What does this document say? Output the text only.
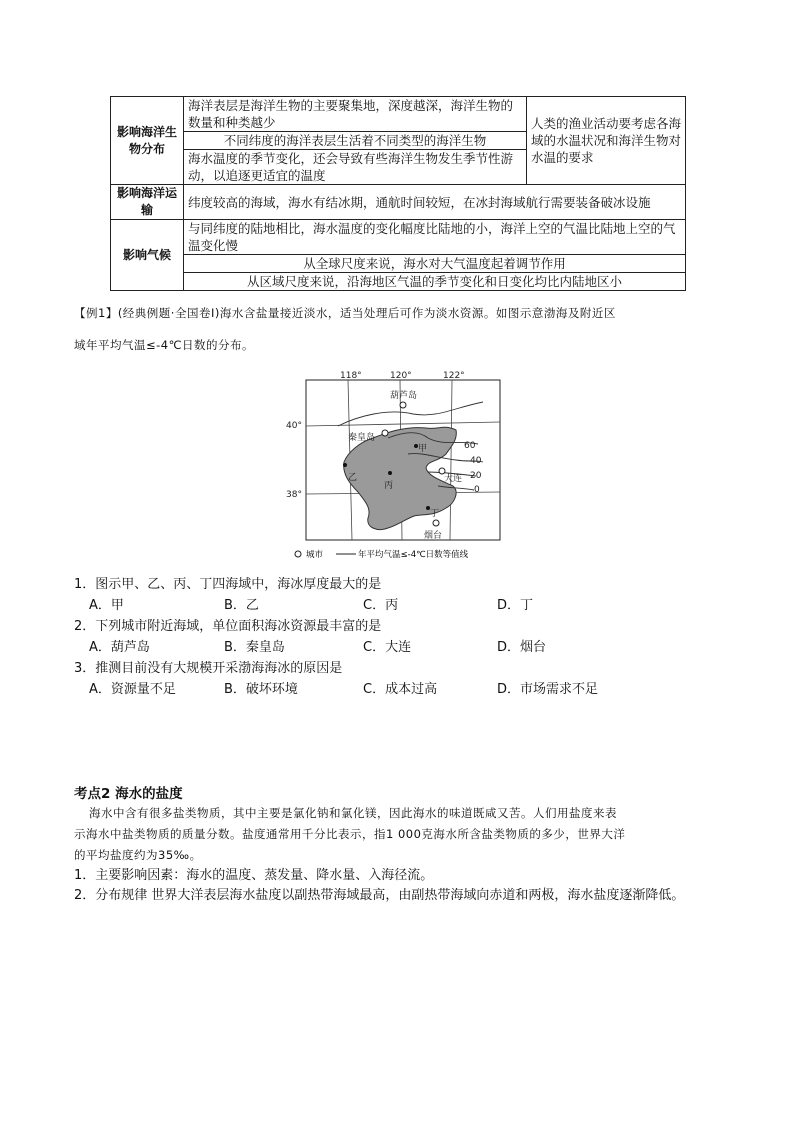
影响海洋生物分布	海洋表层是海洋生物的主要聚集地，深度越深，海洋生物的数量和种类越少	人类的渔业活动要考虑各海域的水温状况和海洋生物对水温的要求
	不同纬度的海洋表层生活着不同类型的海洋生物	
	海水温度的季节变化，还会导致有些海洋生物发生季节性游动，以追逐更适宜的温度	
影响海洋运输	纬度较高的海域，海水有结冰期，通航时间较短，在冰封海域航行需要装备破冰设施	
影响气候	与同纬度的陆地相比，海水温度的变化幅度比陆地的小，海洋上空的气温比陆地上空的气温变化慢	
	从全球尺度来说，海水对大气温度起着调节作用	
	从区域尺度来说，沿海地区气温的季节变化和日变化均比内陆地区小	
【例1】(经典例题·全国卷Ⅰ)海水含盐量接近淡水，适当处理后可作为淡水资源。如图示意渤海及附近区
域年平均气温≤-4℃日数的分布。
118°	120°	122°
40°
38°
葫芦岛
秦皇岛
大连
烟台
甲
乙
丙
丁
60
40
20
0
城市	年平均气温≤-4℃日数等值线
1．图示甲、乙、丙、丁四海域中，海冰厚度最大的是
A．甲	B．乙	C．丙	D．丁
2．下列城市附近海域，单位面积海冰资源最丰富的是
A．葫芦岛	B．秦皇岛	C．大连	D．烟台
3．推测目前没有大规模开采渤海海冰的原因是
A．资源量不足	B．破坏环境	C．成本过高	D．市场需求不足
考点2 海水的盐度
海水中含有很多盐类物质，其中主要是氯化钠和氯化镁，因此海水的味道既咸又苦。人们用盐度来表
示海水中盐类物质的质量分数。盐度通常用千分比表示，指1 000克海水所含盐类物质的多少，世界大洋
的平均盐度约为35‰。
1．主要影响因素：海水的温度、蒸发量、降水量、入海径流。
2．分布规律 世界大洋表层海水盐度以副热带海域最高，由副热带海域向赤道和两极，海水盐度逐渐降低。
